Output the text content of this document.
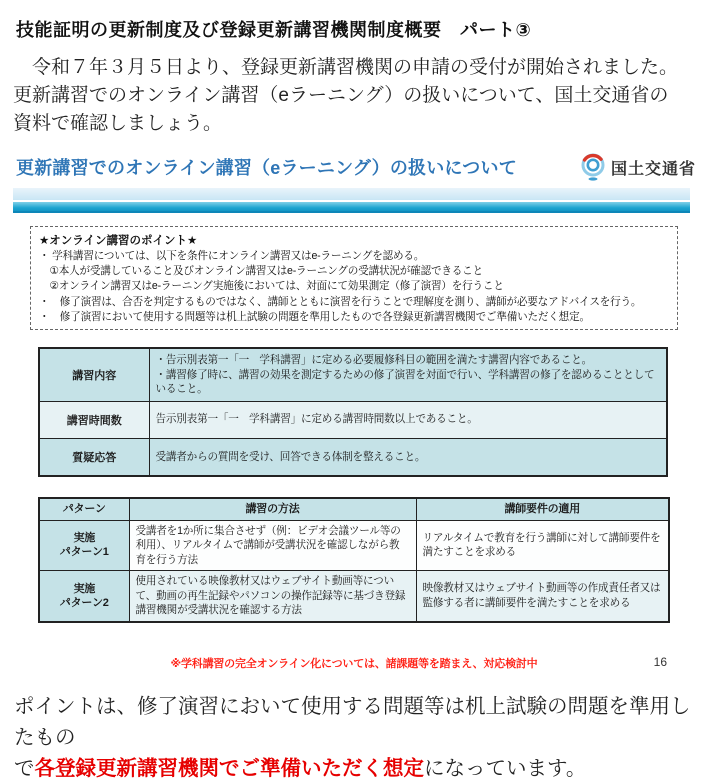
技能証明の更新制度及び登録更新講習機関制度概要　パート③
　令和７年３月５日より、登録更新講習機関の申請の受付が開始されました。
更新講習でのオンライン講習（eラーニング）の扱いについて、国土交通省の
資料で確認しましょう。
更新講習でのオンライン講習（eラーニング）の扱いについて	国土交通省
★オンライン講習のポイント★
・ 学科講習については、以下を条件にオンライン講習又はe-ラーニングを認める。
　①本人が受講していること及びオンライン講習又はe-ラーニングの受講状況が確認できること
　②オンライン講習又はe-ラーニング実施後においては、対面にて効果測定（修了演習）を行うこと
・　修了演習は、合否を判定するものではなく、講師とともに演習を行うことで理解度を測り、講師が必要なアドバイスを行う。
・　修了演習において使用する問題等は机上試験の問題を準用したもので各登録更新講習機関でご準備いただく想定。
講習内容	・告示別表第一「一　学科講習」に定める必要履修科目の範囲を満たす講習内容であること。
・講習修了時に、講習の効果を測定するための修了演習を対面で行い、学科講習の修了を認めることとしていること。

講習時間数	告示別表第一「一　学科講習」に定める講習時間数以上であること。

質疑応答	受講者からの質問を受け、回答できる体制を整えること。
パターン	講習の方法	講師要件の適用

実施
パターン1	受講者を1か所に集合させず（例：ビデオ会議ツール等の利用）、リアルタイムで講師が受講状況を確認しながら教育を行う方法	リアルタイムで教育を行う講師に対して講師要件を満たすことを求める

実施
パターン2	使用されている映像教材又はウェブサイト動画等について、動画の再生記録やパソコンの操作記録等に基づき登録講習機関が受講状況を確認する方法	映像教材又はウェブサイト動画等の作成責任者又は監修する者に講師要件を満たすことを求める
※学科講習の完全オンライン化については、諸課題等を踏まえ、対応検討中	16
ポイントは、修了演習において使用する問題等は机上試験の問題を準用したもの
で各登録更新講習機関でご準備いただく想定になっています。
